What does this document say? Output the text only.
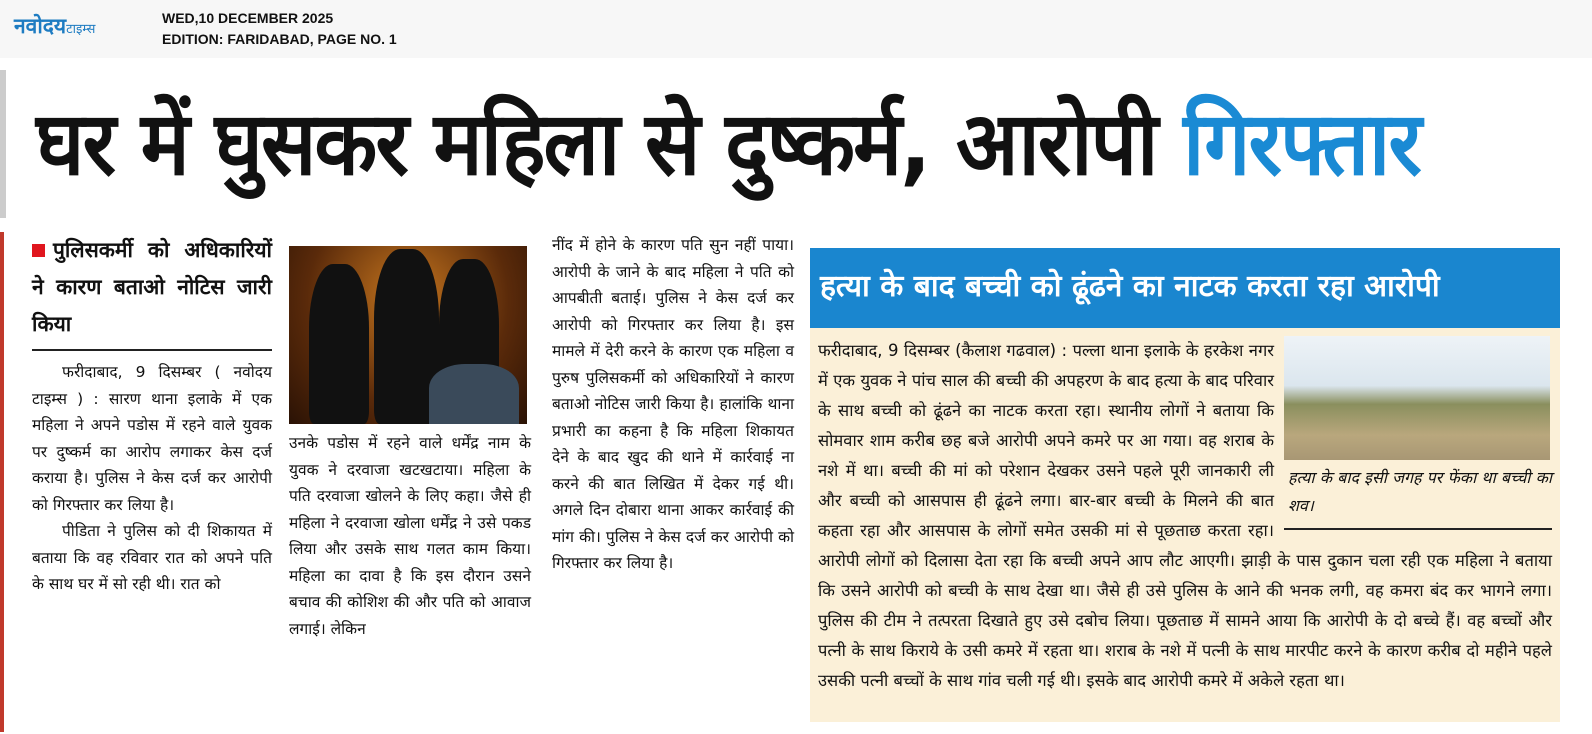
नवोदयटाइम्स
WED,10 DECEMBER 2025
EDITION: FARIDABAD, PAGE NO. 1
घर में घुसकर महिला से दुष्कर्म, आरोपी गिरफ्तार
पुलिसकर्मी को अधिकारियों ने कारण बताओ नोटिस जारी किया

फरीदाबाद, 9 दिसम्बर ( नवोदय टाइम्स ) : सारण थाना इलाके में एक महिला ने अपने पडोस में रहने वाले युवक पर दुष्कर्म का आरोप लगाकर केस दर्ज कराया है। पुलिस ने केस दर्ज कर आरोपी को गिरफ्तार कर लिया है।

पीडिता ने पुलिस को दी शिकायत में बताया कि वह रविवार रात को अपने पति के साथ घर में सो रही थी। रात को

उनके पडोस में रहने वाले धर्मेंद्र नाम के युवक ने दरवाजा खटखटाया। महिला के पति दरवाजा खोलने के लिए कहा। जैसे ही महिला ने दरवाजा खोला धर्मेंद्र ने उसे पकड लिया और उसके साथ गलत काम किया। महिला का दावा है कि इस दौरान उसने बचाव की कोशिश की और पति को आवाज लगाई। लेकिन

नींद में होने के कारण पति सुन नहीं पाया। आरोपी के जाने के बाद महिला ने पति को आपबीती बताई। पुलिस ने केस दर्ज कर आरोपी को गिरफ्तार कर लिया है। इस मामले में देरी करने के कारण एक महिला व पुरुष पुलिसकर्मी को अधिकारियों ने कारण बताओ नोटिस जारी किया है। हालांकि थाना प्रभारी का कहना है कि महिला शिकायत देने के बाद खुद की थाने में कार्रवाई ना करने की बात लिखित में देकर गई थी। अगले दिन दोबारा थाना आकर कार्रवाई की मांग की। पुलिस ने केस दर्ज कर आरोपी को गिरफ्तार कर लिया है।

हत्या के बाद बच्ची को ढूंढने का नाटक करता रहा आरोपी
हत्या के बाद इसी जगह पर फेंका था बच्ची का शव।
फरीदाबाद, 9 दिसम्बर (कैलाश गढवाल) : पल्ला थाना इलाके के हरकेश नगर में एक युवक ने पांच साल की बच्ची की अपहरण के बाद हत्या के बाद परिवार के साथ बच्ची को ढूंढने का नाटक करता रहा। स्थानीय लोगों ने बताया कि सोमवार शाम करीब छह बजे आरोपी अपने कमरे पर आ गया। वह शराब के नशे में था। बच्ची की मां को परेशान देखकर उसने पहले पूरी जानकारी ली और बच्ची को आसपास ही ढूंढने लगा। बार-बार बच्ची के मिलने की बात कहता रहा और आसपास के लोगों समेत उसकी मां से पूछताछ करता रहा। आरोपी लोगों को दिलासा देता रहा कि बच्ची अपने आप लौट आएगी। झाड़ी के पास दुकान चला रही एक महिला ने बताया कि उसने आरोपी को बच्ची के साथ देखा था। जैसे ही उसे पुलिस के आने की भनक लगी, वह कमरा बंद कर भागने लगा। पुलिस की टीम ने तत्परता दिखाते हुए उसे दबोच लिया। पूछताछ में सामने आया कि आरोपी के दो बच्चे हैं। वह बच्चों और पत्नी के साथ किराये के उसी कमरे में रहता था। शराब के नशे में पत्नी के साथ मारपीट करने के कारण करीब दो महीने पहले उसकी पत्नी बच्चों के साथ गांव चली गई थी। इसके बाद आरोपी कमरे में अकेले रहता था।
